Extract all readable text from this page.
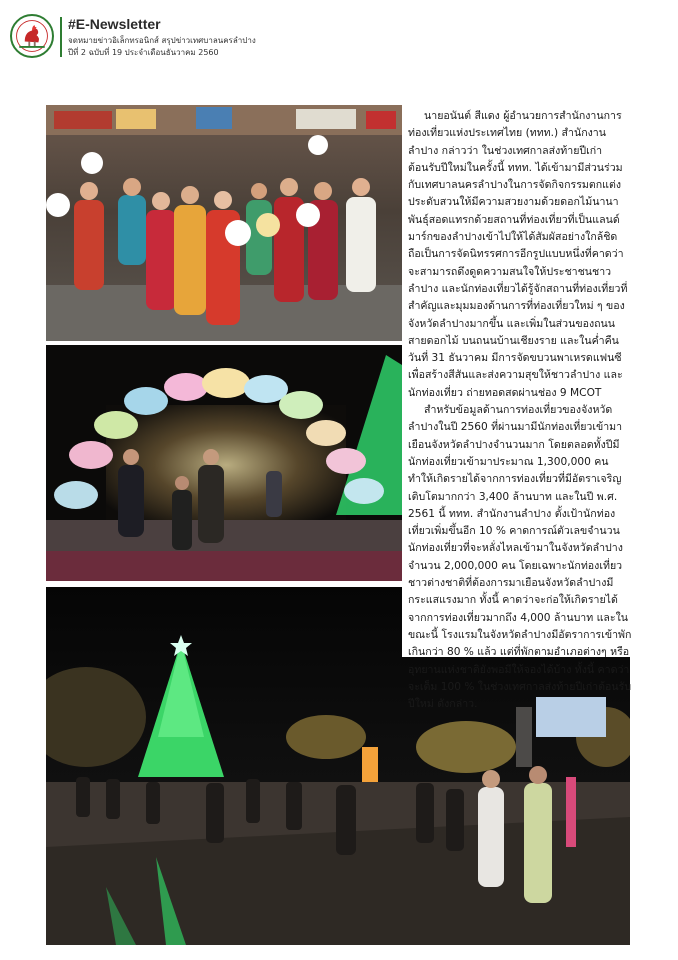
#E-Newsletter
จดหมายข่าวอิเล็กทรอนิกส์ สรุปข่าวเทศบาลนครลำปาง
ปีที่ 2 ฉบับที่ 19 ประจำเดือนธันวาคม 2560

นายอนันต์ สีแดง ผู้อำนวยการสำนักงานการท่องเที่ยวแห่งประเทศไทย (ททท.) สำนักงานลำปาง กล่าวว่า ในช่วงเทศกาลส่งท้ายปีเก่าต้อนรับปีใหม่ในครั้งนี้ ททท. ได้เข้ามามีส่วนร่วมกับเทศบาลนครลำปางในการจัดกิจกรรมตกแต่งประดับสวนให้มีความสวยงามด้วยดอกไม้นานาพันธุ์สอดแทรกด้วยสถานที่ท่องเที่ยวที่เป็นแลนด์มาร์กของลำปางเข้าไปให้ได้สัมผัสอย่างใกล้ชิด ถือเป็นการจัดนิทรรศการอีกรูปแบบหนึ่งที่คาดว่าจะสามารถดึงดูดความสนใจให้ประชาชนชาวลำปาง และนักท่องเที่ยวได้รู้จักสถานที่ท่องเที่ยวที่สำคัญและมุมมองด้านการที่ท่องเที่ยวใหม่ ๆ ของจังหวัดลำปางมากขึ้น และเพิ่มในส่วนของถนนสายดอกไม้ บนถนนบ้านเชียงราย และในค่ำคืนวันที่ 31 ธันวาคม มีการจัดขบวนพาเหรดแฟนซี เพื่อสร้างสีสันและส่งความสุขให้ชาวลำปาง และนักท่องเที่ยว ถ่ายทอดสดผ่านช่อง 9 MCOT

สำหรับข้อมูลด้านการท่องเที่ยวของจังหวัดลำปางในปี 2560 ที่ผ่านมามีนักท่องเที่ยวเข้ามาเยือนจังหวัดลำปางจำนวนมาก โดยตลอดทั้งปีมีนักท่องเที่ยวเข้ามาประมาณ 1,300,000 คน ทำให้เกิดรายได้จากการท่องเที่ยวที่มีอัตราเจริญเติบโตมากกว่า 3,400 ล้านบาท และในปี พ.ศ. 2561 นี้ ททท. สำนักงานลำปาง ตั้งเป้านักท่องเที่ยวเพิ่มขึ้นอีก 10 % คาดการณ์ตัวเลขจำนวนนักท่องเที่ยวที่จะหลั่งไหลเข้ามาในจังหวัดลำปางจำนวน 2,000,000 คน โดยเฉพาะนักท่องเที่ยวชาวต่างชาติที่ต้องการมาเยือนจังหวัดลำปางมีกระแสแรงมาก ทั้งนี้ คาดว่าจะก่อให้เกิดรายได้จากการท่องเที่ยวมากถึง 4,000 ล้านบาท และในขณะนี้ โรงแรมในจังหวัดลำปางมีอัตราการเข้าพักเกินกว่า 80 % แล้ว แต่ที่พักตามอำเภอต่างๆ หรืออุทยานแห่งชาติยังพอมีให้จองได้บ้าง ทั้งนี้ คาดว่า จะเต็ม 100 % ในช่วงเทศกาลส่งท้ายปีเก่าต้อนรับปีใหม่ ดังกล่าว.
